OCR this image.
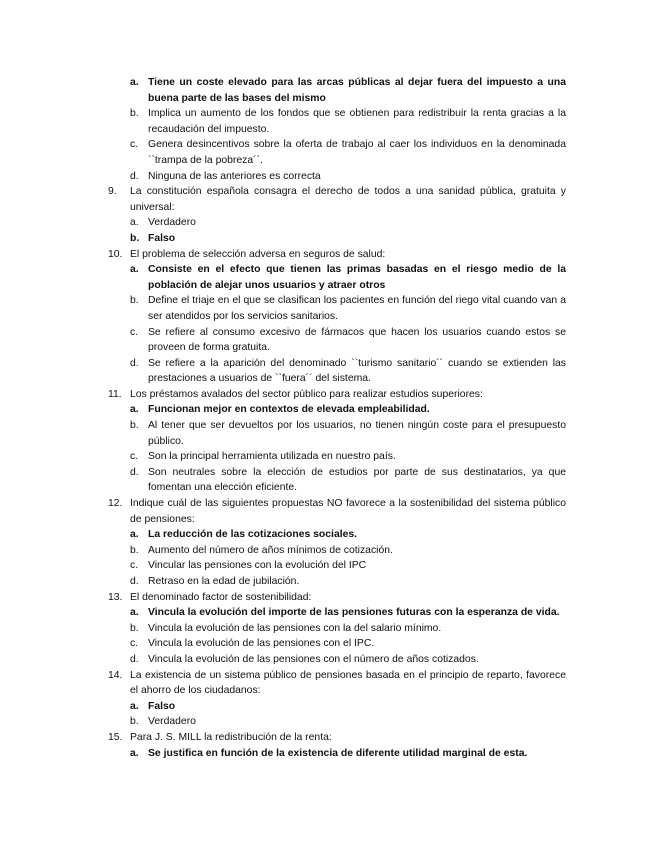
a. Tiene un coste elevado para las arcas públicas al dejar fuera del impuesto a una buena parte de las bases del mismo
b. Implica un aumento de los fondos que se obtienen para redistribuir la renta gracias a la recaudación del impuesto.
c. Genera desincentivos sobre la oferta de trabajo al caer los individuos en la denominada ``trampa de la pobreza´´.
d. Ninguna de las anteriores es correcta
9.	La constitución española consagra el derecho de todos a una sanidad pública, gratuita y universal:
a. Verdadero
b. Falso
10. El problema de selección adversa en seguros de salud:
a. Consiste en el efecto que tienen las primas basadas en el riesgo medio de la población de alejar unos usuarios y atraer otros
b. Define el triaje en el que se clasifican los pacientes en función del riego vital cuando van a ser atendidos por los servicios sanitarios.
c. Se refiere al consumo excesivo de fármacos que hacen los usuarios cuando estos se proveen de forma gratuita.
d. Se refiere a la aparición del denominado ``turismo sanitario´´ cuando se extienden las prestaciones a usuarios de ``fuera´´ del sistema.
11. Los préstamos avalados del sector público para realizar estudios superiores:
a. Funcionan mejor en contextos de elevada empleabilidad.
b. Al tener que ser devueltos por los usuarios, no tienen ningún coste para el presupuesto público.
c. Son la principal herramienta utilizada en nuestro país.
d. Son neutrales sobre la elección de estudios por parte de sus destinatarios, ya que fomentan una elección eficiente.
12. Indique cuál de las siguientes propuestas NO favorece a la sostenibilidad del sistema público de pensiones:
a. La reducción de las cotizaciones sociales.
b. Aumento del número de años mínimos de cotización.
c. Vincular las pensiones con la evolución del IPC
d. Retraso en la edad de jubilación.
13. El denominado factor de sostenibilidad:
a. Vincula la evolución del importe de las pensiones futuras con la esperanza de vida.
b. Vincula la evolución de las pensiones con la del salario mínimo.
c. Vincula la evolución de las pensiones con el IPC.
d. Vincula la evolución de las pensiones con el número de años cotizados.
14. La existencia de un sistema público de pensiones basada en el principio de reparto, favorece el ahorro de los ciudadanos:
a. Falso
b. Verdadero
15. Para J. S. MILL la redistribución de la renta:
a. Se justifica en función de la existencia de diferente utilidad marginal de esta.
